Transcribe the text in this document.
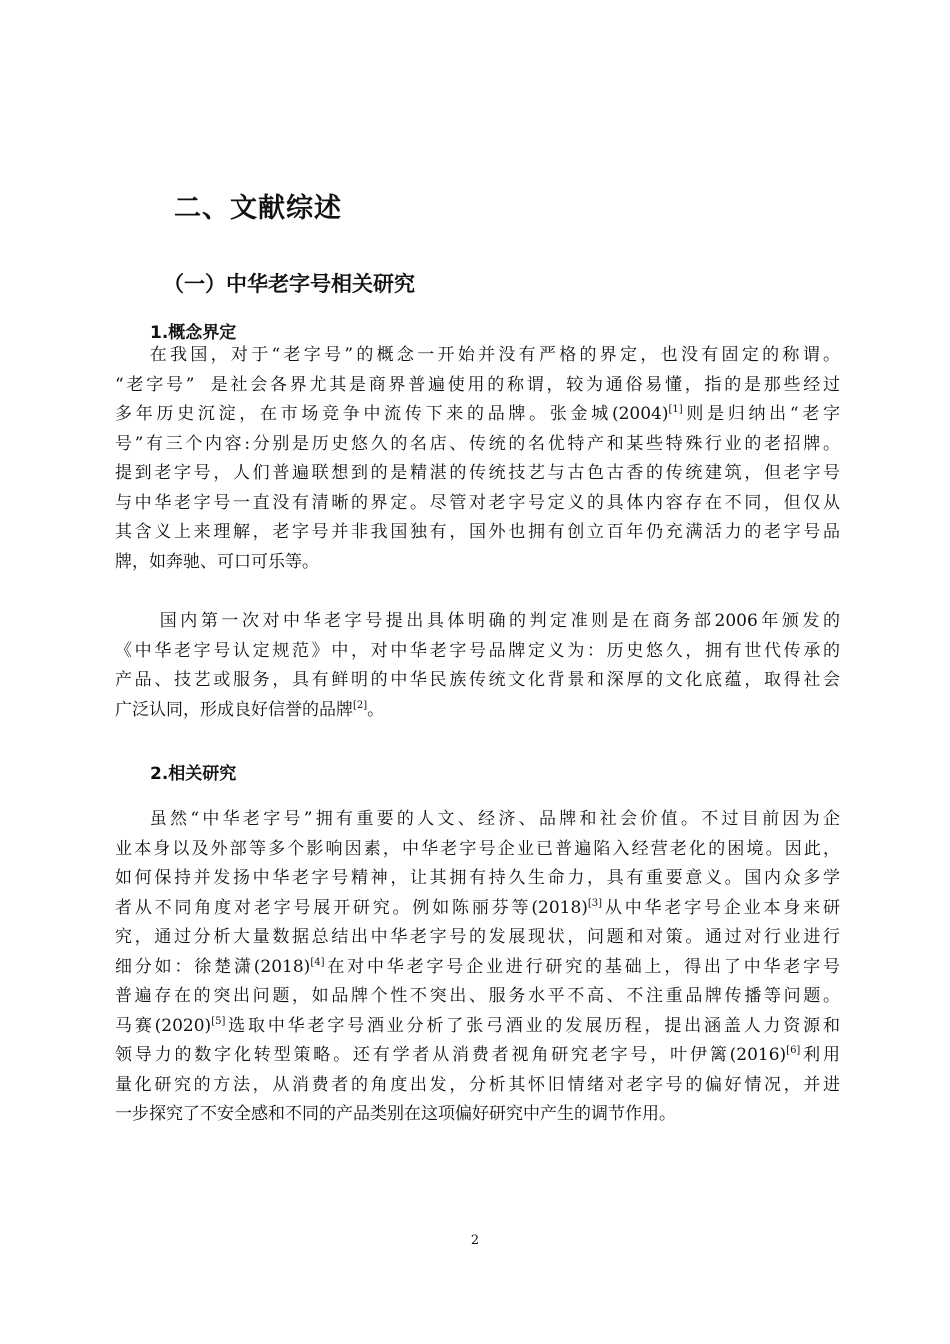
二、文献综述
（一）中华老字号相关研究
1.概念界定
在我国，对于“老字号”的概念一开始并没有严格的界定，也没有固定的称谓。
“老字号”  是社会各界尤其是商界普遍使用的称谓，较为通俗易懂，指的是那些经过
多年历史沉淀，在市场竞争中流传下来的品牌。张金城(2004)[1]则是归纳出“老字
号”有三个内容:分别是历史悠久的名店、传统的名优特产和某些特殊行业的老招牌。
提到老字号，人们普遍联想到的是精湛的传统技艺与古色古香的传统建筑，但老字号
与中华老字号一直没有清晰的界定。尽管对老字号定义的具体内容存在不同，但仅从
其含义上来理解，老字号并非我国独有，国外也拥有创立百年仍充满活力的老字号品
牌，如奔驰、可口可乐等。
国内第一次对中华老字号提出具体明确的判定准则是在商务部2006年颁发的
《中华老字号认定规范》中，对中华老字号品牌定义为：历史悠久，拥有世代传承的
产品、技艺或服务，具有鲜明的中华民族传统文化背景和深厚的文化底蕴，取得社会
广泛认同，形成良好信誉的品牌[2]。
2.相关研究
虽然“中华老字号”拥有重要的人文、经济、品牌和社会价值。不过目前因为企
业本身以及外部等多个影响因素，中华老字号企业已普遍陷入经营老化的困境。因此，
如何保持并发扬中华老字号精神，让其拥有持久生命力，具有重要意义。国内众多学
者从不同角度对老字号展开研究。例如陈丽芬等(2018)[3]从中华老字号企业本身来研
究，通过分析大量数据总结出中华老字号的发展现状，问题和对策。通过对行业进行
细分如：徐楚潇(2018)[4]在对中华老字号企业进行研究的基础上，得出了中华老字号
普遍存在的突出问题，如品牌个性不突出、服务水平不高、不注重品牌传播等问题。
马赛(2020)[5]选取中华老字号酒业分析了张弓酒业的发展历程，提出涵盖人力资源和
领导力的数字化转型策略。还有学者从消费者视角研究老字号，叶伊篱(2016)[6]利用
量化研究的方法，从消费者的角度出发，分析其怀旧情绪对老字号的偏好情况，并进
一步探究了不安全感和不同的产品类别在这项偏好研究中产生的调节作用。
2
